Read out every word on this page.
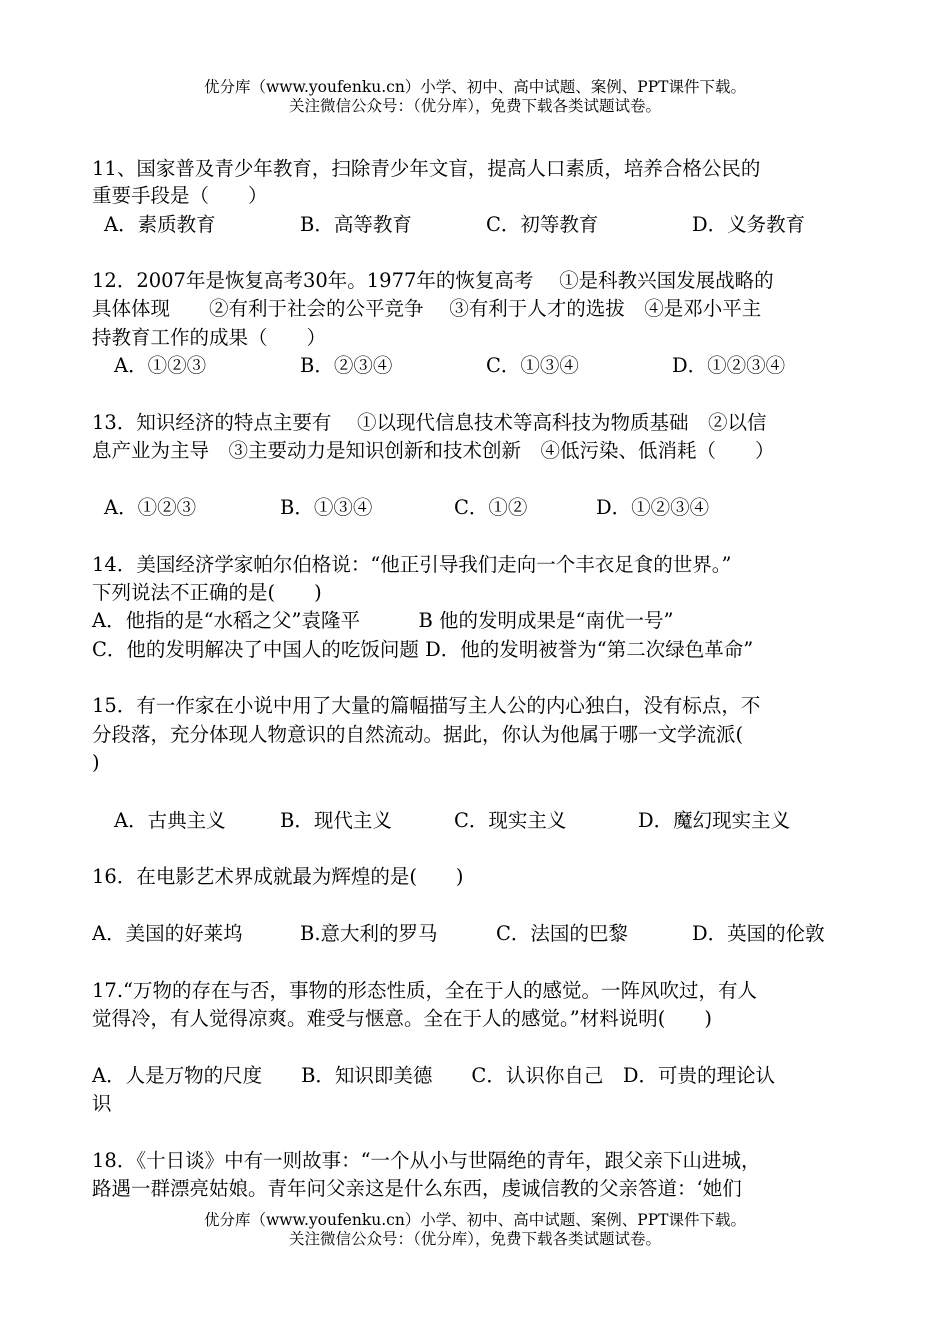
优分库（www.youfenku.cn）小学、初中、高中试题、案例、PPT课件下载。
关注微信公众号：（优分库），免费下载各类试题试卷。
11、国家普及青少年教育，扫除青少年文盲，提高人口素质，培养合格公民的
重要手段是（　　）
A．素质教育	B．高等教育	C．初等教育	D．义务教育
12．2007年是恢复高考30年。1977年的恢复高考　 ①是科教兴国发展战略的
具体体现　　②有利于社会的公平竞争　 ③有利于人才的选拔　④是邓小平主
持教育工作的成果（　　）
A．①②③	B．②③④	C．①③④	D．①②③④
13．知识经济的特点主要有　 ①以现代信息技术等高科技为物质基础　②以信
息产业为主导　③主要动力是知识创新和技术创新　④低污染、低消耗（　　）
A．①②③	B．①③④	C．①②	D．①②③④
14．美国经济学家帕尔伯格说：“他正引导我们走向一个丰衣足食的世界。”
下列说法不正确的是(　　)
A．他指的是“水稻之父”袁隆平　　　B 他的发明成果是“南优一号”
C．他的发明解决了中国人的吃饭问题 D．他的发明被誉为“第二次绿色革命”
15．有一作家在小说中用了大量的篇幅描写主人公的内心独白，没有标点，不
分段落，充分体现人物意识的自然流动。据此，你认为他属于哪一文学流派(
)
A．古典主义	B．现代主义	C．现实主义	D．魔幻现实主义
16．在电影艺术界成就最为辉煌的是(　　)
A．美国的好莱坞	B.意大利的罗马	C．法国的巴黎	D．英国的伦敦
17.“万物的存在与否，事物的形态性质，全在于人的感觉。一阵风吹过，有人
觉得冷，有人觉得凉爽。难受与惬意。全在于人的感觉。”材料说明(　　)
A．人是万物的尺度　　B．知识即美德　　C．认识你自己　D．可贵的理论认
识
18．《十日谈》中有一则故事：“一个从小与世隔绝的青年，跟父亲下山进城，
路遇一群漂亮姑娘。青年问父亲这是什么东西，虔诚信教的父亲答道：‘她们
优分库（www.youfenku.cn）小学、初中、高中试题、案例、PPT课件下载。
关注微信公众号：（优分库），免费下载各类试题试卷。
